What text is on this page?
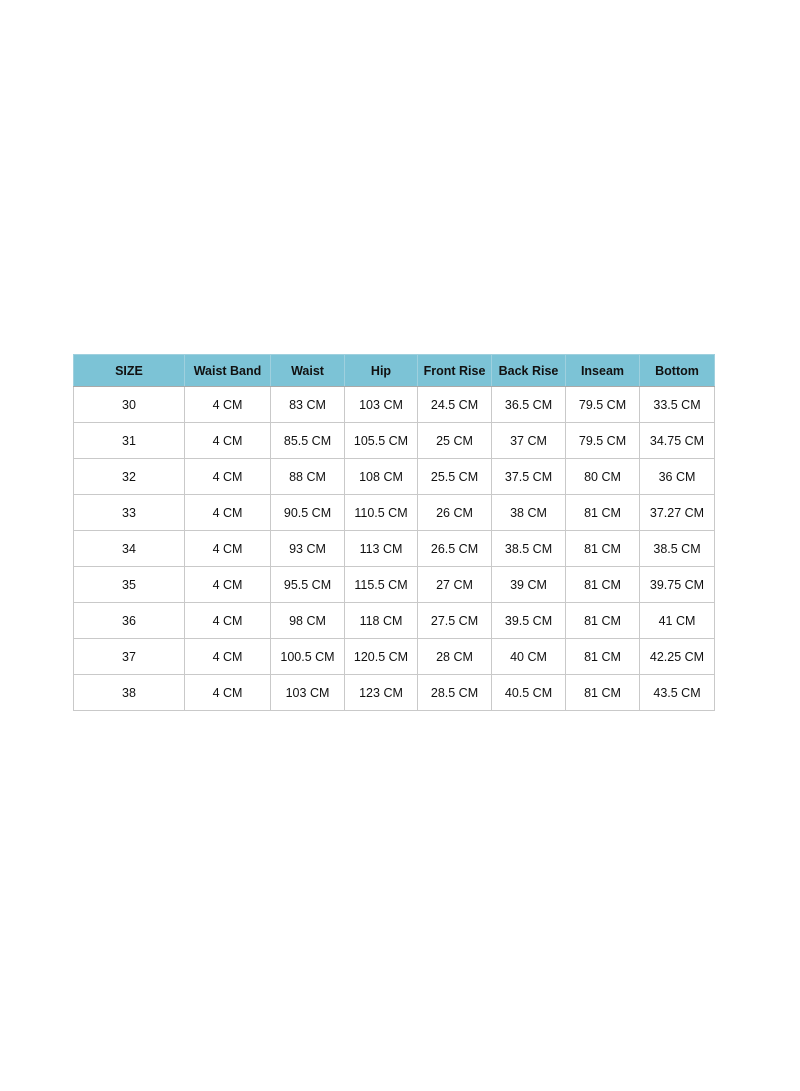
SIZE	Waist Band	Waist	Hip	Front Rise	Back Rise	Inseam	Bottom
30	4 CM	83 CM	103 CM	24.5 CM	36.5 CM	79.5 CM	33.5 CM
31	4 CM	85.5 CM	105.5 CM	25 CM	37 CM	79.5 CM	34.75 CM
32	4 CM	88 CM	108 CM	25.5 CM	37.5 CM	80 CM	36 CM
33	4 CM	90.5 CM	110.5 CM	26 CM	38 CM	81 CM	37.27 CM
34	4 CM	93 CM	113 CM	26.5 CM	38.5 CM	81 CM	38.5 CM
35	4 CM	95.5 CM	115.5 CM	27 CM	39 CM	81 CM	39.75 CM
36	4 CM	98 CM	118 CM	27.5 CM	39.5 CM	81 CM	41 CM
37	4 CM	100.5 CM	120.5 CM	28 CM	40 CM	81 CM	42.25 CM
38	4 CM	103 CM	123 CM	28.5 CM	40.5 CM	81 CM	43.5 CM
